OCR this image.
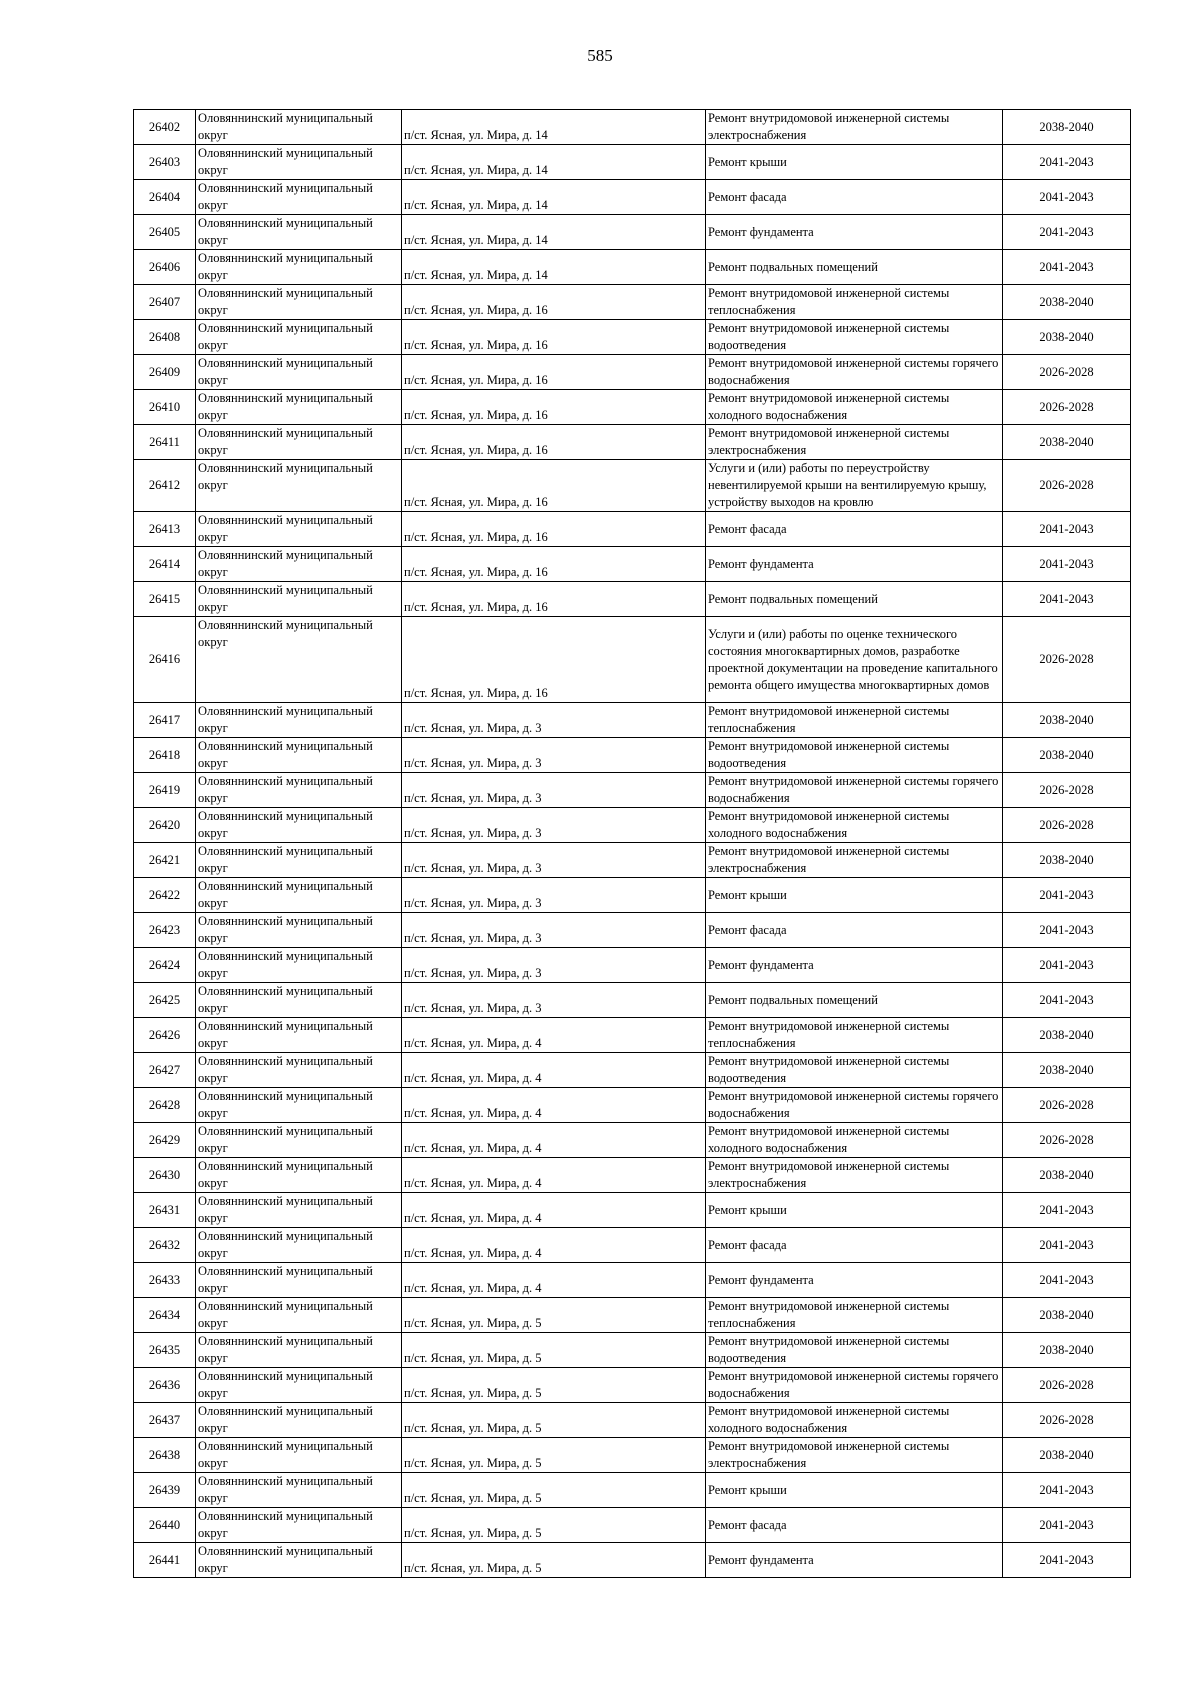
585
26402	Оловяннинский муниципальный округ	п/ст. Ясная, ул. Мира, д. 14	Ремонт внутридомовой инженерной системы электроснабжения	2038-2040
26403	Оловяннинский муниципальный округ	п/ст. Ясная, ул. Мира, д. 14	Ремонт крыши	2041-2043
26404	Оловяннинский муниципальный округ	п/ст. Ясная, ул. Мира, д. 14	Ремонт фасада	2041-2043
26405	Оловяннинский муниципальный округ	п/ст. Ясная, ул. Мира, д. 14	Ремонт фундамента	2041-2043
26406	Оловяннинский муниципальный округ	п/ст. Ясная, ул. Мира, д. 14	Ремонт подвальных помещений	2041-2043
26407	Оловяннинский муниципальный округ	п/ст. Ясная, ул. Мира, д. 16	Ремонт внутридомовой инженерной системы теплоснабжения	2038-2040
26408	Оловяннинский муниципальный округ	п/ст. Ясная, ул. Мира, д. 16	Ремонт внутридомовой инженерной системы водоотведения	2038-2040
26409	Оловяннинский муниципальный округ	п/ст. Ясная, ул. Мира, д. 16	Ремонт внутридомовой инженерной системы горячего водоснабжения	2026-2028
26410	Оловяннинский муниципальный округ	п/ст. Ясная, ул. Мира, д. 16	Ремонт внутридомовой инженерной системы холодного водоснабжения	2026-2028
26411	Оловяннинский муниципальный округ	п/ст. Ясная, ул. Мира, д. 16	Ремонт внутридомовой инженерной системы электроснабжения	2038-2040
26412	Оловяннинский муниципальный округ	п/ст. Ясная, ул. Мира, д. 16	Услуги и (или) работы по переустройству невентилируемой крыши на вентилируемую крышу, устройству выходов на кровлю	2026-2028
26413	Оловяннинский муниципальный округ	п/ст. Ясная, ул. Мира, д. 16	Ремонт фасада	2041-2043
26414	Оловяннинский муниципальный округ	п/ст. Ясная, ул. Мира, д. 16	Ремонт фундамента	2041-2043
26415	Оловяннинский муниципальный округ	п/ст. Ясная, ул. Мира, д. 16	Ремонт подвальных помещений	2041-2043
26416	Оловяннинский муниципальный округ	п/ст. Ясная, ул. Мира, д. 16	Услуги и (или) работы по оценке технического состояния многоквартирных домов, разработке проектной документации на проведение капитального ремонта общего имущества многоквартирных домов	2026-2028
26417	Оловяннинский муниципальный округ	п/ст. Ясная, ул. Мира, д. 3	Ремонт внутридомовой инженерной системы теплоснабжения	2038-2040
26418	Оловяннинский муниципальный округ	п/ст. Ясная, ул. Мира, д. 3	Ремонт внутридомовой инженерной системы водоотведения	2038-2040
26419	Оловяннинский муниципальный округ	п/ст. Ясная, ул. Мира, д. 3	Ремонт внутридомовой инженерной системы горячего водоснабжения	2026-2028
26420	Оловяннинский муниципальный округ	п/ст. Ясная, ул. Мира, д. 3	Ремонт внутридомовой инженерной системы холодного водоснабжения	2026-2028
26421	Оловяннинский муниципальный округ	п/ст. Ясная, ул. Мира, д. 3	Ремонт внутридомовой инженерной системы электроснабжения	2038-2040
26422	Оловяннинский муниципальный округ	п/ст. Ясная, ул. Мира, д. 3	Ремонт крыши	2041-2043
26423	Оловяннинский муниципальный округ	п/ст. Ясная, ул. Мира, д. 3	Ремонт фасада	2041-2043
26424	Оловяннинский муниципальный округ	п/ст. Ясная, ул. Мира, д. 3	Ремонт фундамента	2041-2043
26425	Оловяннинский муниципальный округ	п/ст. Ясная, ул. Мира, д. 3	Ремонт подвальных помещений	2041-2043
26426	Оловяннинский муниципальный округ	п/ст. Ясная, ул. Мира, д. 4	Ремонт внутридомовой инженерной системы теплоснабжения	2038-2040
26427	Оловяннинский муниципальный округ	п/ст. Ясная, ул. Мира, д. 4	Ремонт внутридомовой инженерной системы водоотведения	2038-2040
26428	Оловяннинский муниципальный округ	п/ст. Ясная, ул. Мира, д. 4	Ремонт внутридомовой инженерной системы горячего водоснабжения	2026-2028
26429	Оловяннинский муниципальный округ	п/ст. Ясная, ул. Мира, д. 4	Ремонт внутридомовой инженерной системы холодного водоснабжения	2026-2028
26430	Оловяннинский муниципальный округ	п/ст. Ясная, ул. Мира, д. 4	Ремонт внутридомовой инженерной системы электроснабжения	2038-2040
26431	Оловяннинский муниципальный округ	п/ст. Ясная, ул. Мира, д. 4	Ремонт крыши	2041-2043
26432	Оловяннинский муниципальный округ	п/ст. Ясная, ул. Мира, д. 4	Ремонт фасада	2041-2043
26433	Оловяннинский муниципальный округ	п/ст. Ясная, ул. Мира, д. 4	Ремонт фундамента	2041-2043
26434	Оловяннинский муниципальный округ	п/ст. Ясная, ул. Мира, д. 5	Ремонт внутридомовой инженерной системы теплоснабжения	2038-2040
26435	Оловяннинский муниципальный округ	п/ст. Ясная, ул. Мира, д. 5	Ремонт внутридомовой инженерной системы водоотведения	2038-2040
26436	Оловяннинский муниципальный округ	п/ст. Ясная, ул. Мира, д. 5	Ремонт внутридомовой инженерной системы горячего водоснабжения	2026-2028
26437	Оловяннинский муниципальный округ	п/ст. Ясная, ул. Мира, д. 5	Ремонт внутридомовой инженерной системы холодного водоснабжения	2026-2028
26438	Оловяннинский муниципальный округ	п/ст. Ясная, ул. Мира, д. 5	Ремонт внутридомовой инженерной системы электроснабжения	2038-2040
26439	Оловяннинский муниципальный округ	п/ст. Ясная, ул. Мира, д. 5	Ремонт крыши	2041-2043
26440	Оловяннинский муниципальный округ	п/ст. Ясная, ул. Мира, д. 5	Ремонт фасада	2041-2043
26441	Оловяннинский муниципальный округ	п/ст. Ясная, ул. Мира, д. 5	Ремонт фундамента	2041-2043
